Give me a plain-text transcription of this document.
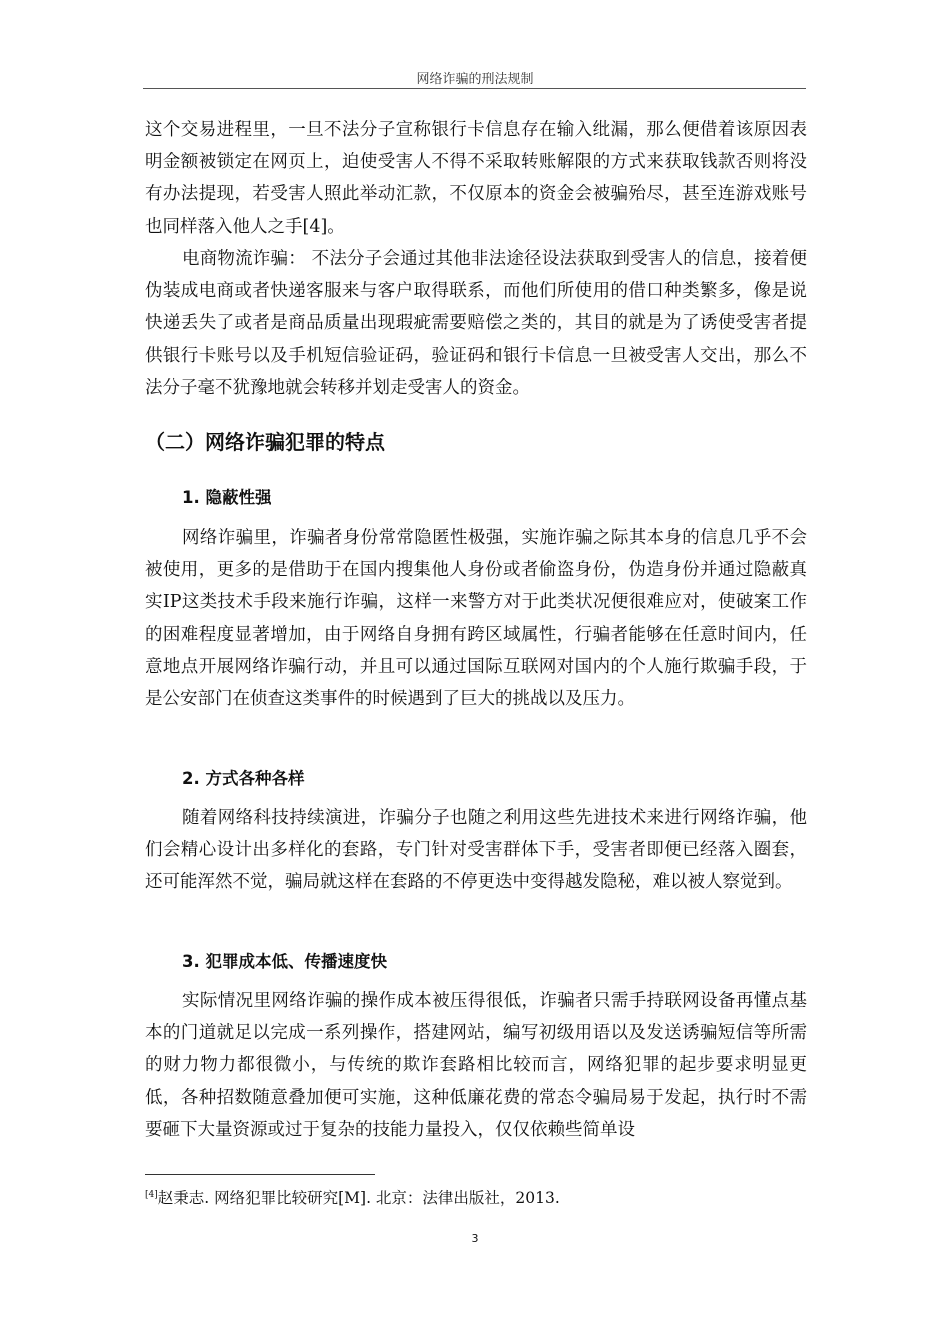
网络诈骗的刑法规制

这个交易进程里，一旦不法分子宣称银行卡信息存在输入纰漏，那么便借着该原因表明金额被锁定在网页上，迫使受害人不得不采取转账解限的方式来获取钱款否则将没有办法提现，若受害人照此举动汇款，不仅原本的资金会被骗殆尽，甚至连游戏账号也同样落入他人之手[4]。

电商物流诈骗： 不法分子会通过其他非法途径设法获取到受害人的信息，接着便伪装成电商或者快递客服来与客户取得联系，而他们所使用的借口种类繁多，像是说快递丢失了或者是商品质量出现瑕疵需要赔偿之类的，其目的就是为了诱使受害者提供银行卡账号以及手机短信验证码，验证码和银行卡信息一旦被受害人交出，那么不法分子毫不犹豫地就会转移并划走受害人的资金。

（二）网络诈骗犯罪的特点
1. 隐蔽性强

网络诈骗里，诈骗者身份常常隐匿性极强，实施诈骗之际其本身的信息几乎不会被使用，更多的是借助于在国内搜集他人身份或者偷盗身份，伪造身份并通过隐蔽真实IP这类技术手段来施行诈骗，这样一来警方对于此类状况便很难应对，使破案工作的困难程度显著增加，由于网络自身拥有跨区域属性，行骗者能够在任意时间内，任意地点开展网络诈骗行动，并且可以通过国际互联网对国内的个人施行欺骗手段，于是公安部门在侦查这类事件的时候遇到了巨大的挑战以及压力。

2. 方式各种各样

随着网络科技持续演进，诈骗分子也随之利用这些先进技术来进行网络诈骗，他们会精心设计出多样化的套路，专门针对受害群体下手，受害者即便已经落入圈套，还可能浑然不觉，骗局就这样在套路的不停更迭中变得越发隐秘，难以被人察觉到。

3. 犯罪成本低、传播速度快

实际情况里网络诈骗的操作成本被压得很低，诈骗者只需手持联网设备再懂点基本的门道就足以完成一系列操作，搭建网站，编写初级用语以及发送诱骗短信等所需的财力物力都很微小，与传统的欺诈套路相比较而言，网络犯罪的起步要求明显更低，各种招数随意叠加便可实施，这种低廉花费的常态令骗局易于发起，执行时不需要砸下大量资源或过于复杂的技能力量投入，仅仅依赖些简单设

[4]赵秉志. 网络犯罪比较研究[M]. 北京：法律出版社，2013.

3
